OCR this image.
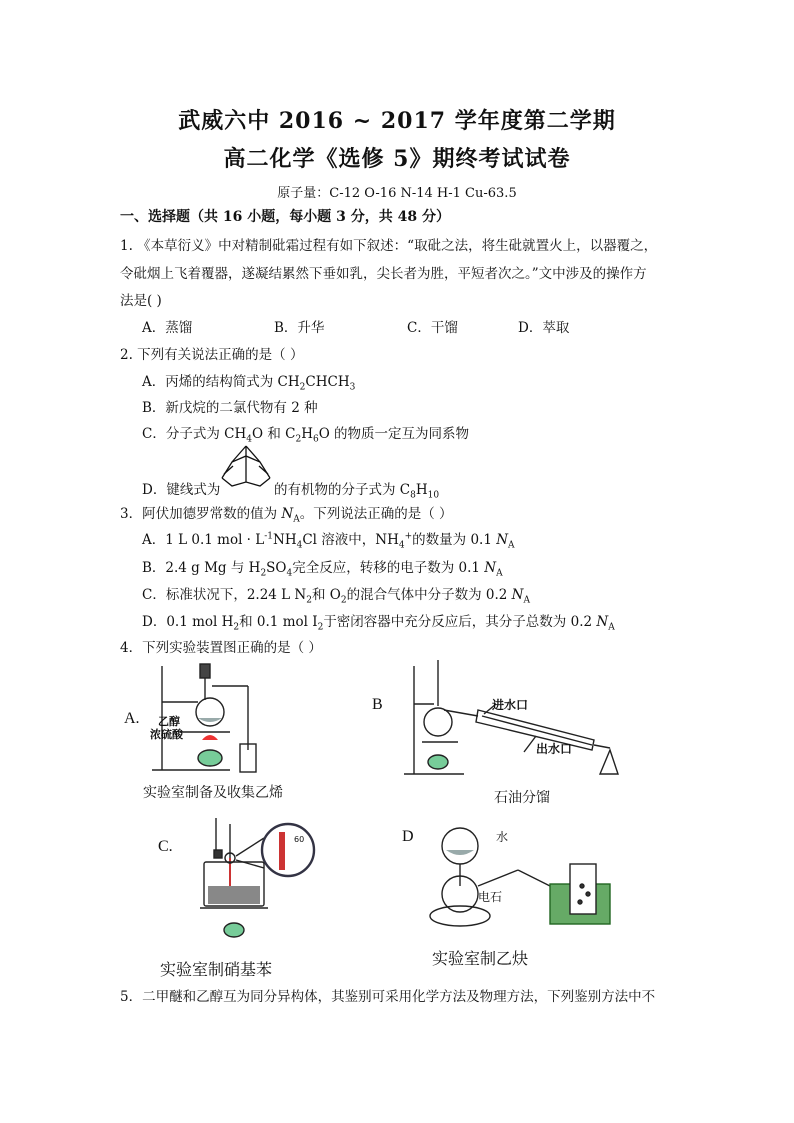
武威六中 2016 ~ 2017 学年度第二学期
高二化学《选修 5》期终考试试卷
原子量：C-12 O-16 N-14 H-1 Cu-63.5
一、选择题（共 16 小题，每小题 3 分，共 48 分）
1. 《本草衍义》中对精制砒霜过程有如下叙述：“取砒之法，将生砒就置火上，以器覆之，
令砒烟上飞着覆器，遂凝结累然下垂如乳，尖长者为胜，平短者次之。”文中涉及的操作方
法是( )
A．蒸馏	B．升华	C．干馏	D．萃取
2. 下列有关说法正确的是（ ）
A．丙烯的结构简式为 $CH_2CHCH_3$
B．新戊烷的二氯代物有 2 种
C．分子式为 $CH_4O$ 和 $C_2H_6O$ 的物质一定互为同系物
D．键线式为	的有机物的分子式为 $C_8H_{10}$
3．阿伏加德罗常数的值为 $N_A$。下列说法正确的是（ ）
A．1 L 0.1 mol · $L^{-1}NH_4Cl$ 溶液中，$NH_4^+$的数量为 0.1 $N_A$
B．2.4 g Mg 与 $H_2SO_4$完全反应，转移的电子数为 0.1 $N_A$
C．标准状况下，2.24 L $N_2$和 $O_2$的混合气体中分子数为 0.2 $N_A$
D．0.1 mol $H_2$和 0.1 mol $I_2$于密闭容器中充分反应后，其分子总数为 0.2 $N_A$
4．下列实验装置图正确的是（ ）
A. 乙醇
浓硫酸
实验室制备及收集乙烯
B	进水口
出水口
石油分馏
C.	60
实验室制硝基苯
D	水
电石
实验室制乙炔
5．二甲醚和乙醇互为同分异构体，其鉴别可采用化学方法及物理方法，下列鉴别方法中不
